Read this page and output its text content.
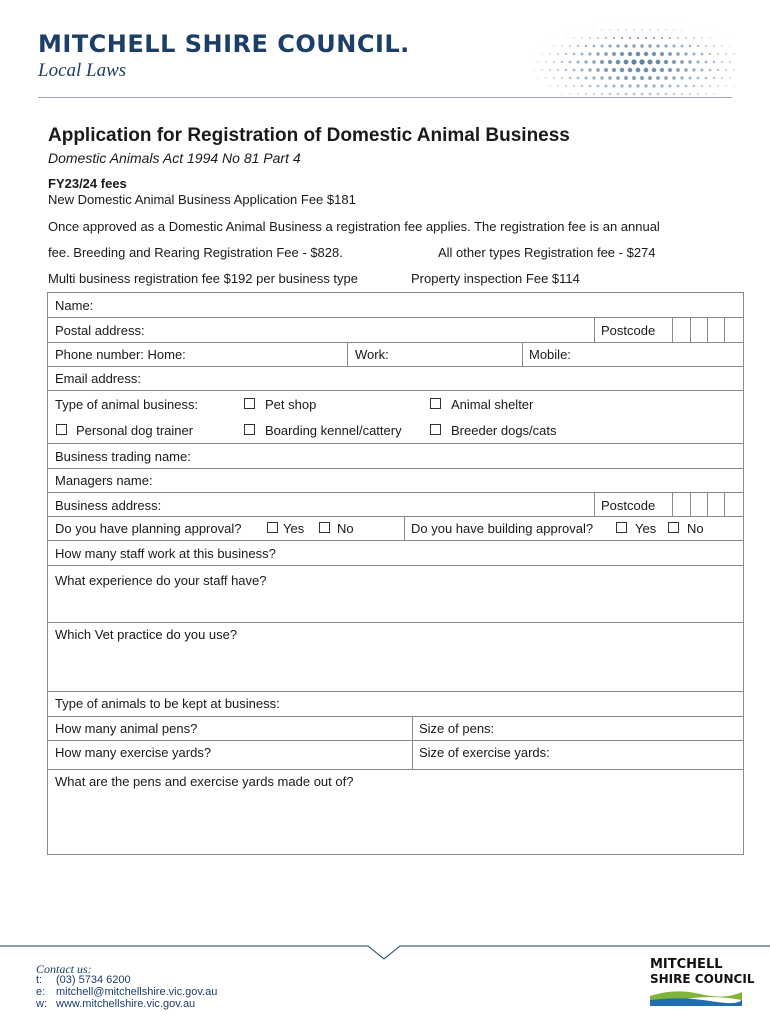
MITCHELL SHIRE COUNCIL.
Local Laws
Application for Registration of Domestic Animal Business
Domestic Animals Act 1994 No 81 Part 4
FY23/24 fees
New Domestic Animal Business Application Fee $181
Once approved as a Domestic Animal Business a registration fee applies. The registration fee is an annual
fee. Breeding and Rearing Registration Fee - $828.	All other types Registration fee - $274
Multi business registration fee $192 per business type	Property inspection Fee $114
Name:
Postal address:	Postcode
Phone number: Home:	Work:	Mobile:
Email address:
Type of animal business:	Pet shop	Animal shelter
Personal dog trainer	Boarding kennel/cattery	Breeder dogs/cats
Business trading name:
Managers name:
Business address:	Postcode
Do you have planning approval?	Yes	No	Do you have building approval?	Yes No
How many staff work at this business?
What experience do your staff have?
Which Vet practice do you use?
Type of animals to be kept at business:
How many animal pens?	Size of pens:
How many exercise yards?	Size of exercise yards:
What are the pens and exercise yards made out of?
Contact us:
t: (03) 5734 6200
e: mitchell@mitchellshire.vic.gov.au
w: www.mitchellshire.vic.gov.au
MITCHELL
SHIRE COUNCIL
